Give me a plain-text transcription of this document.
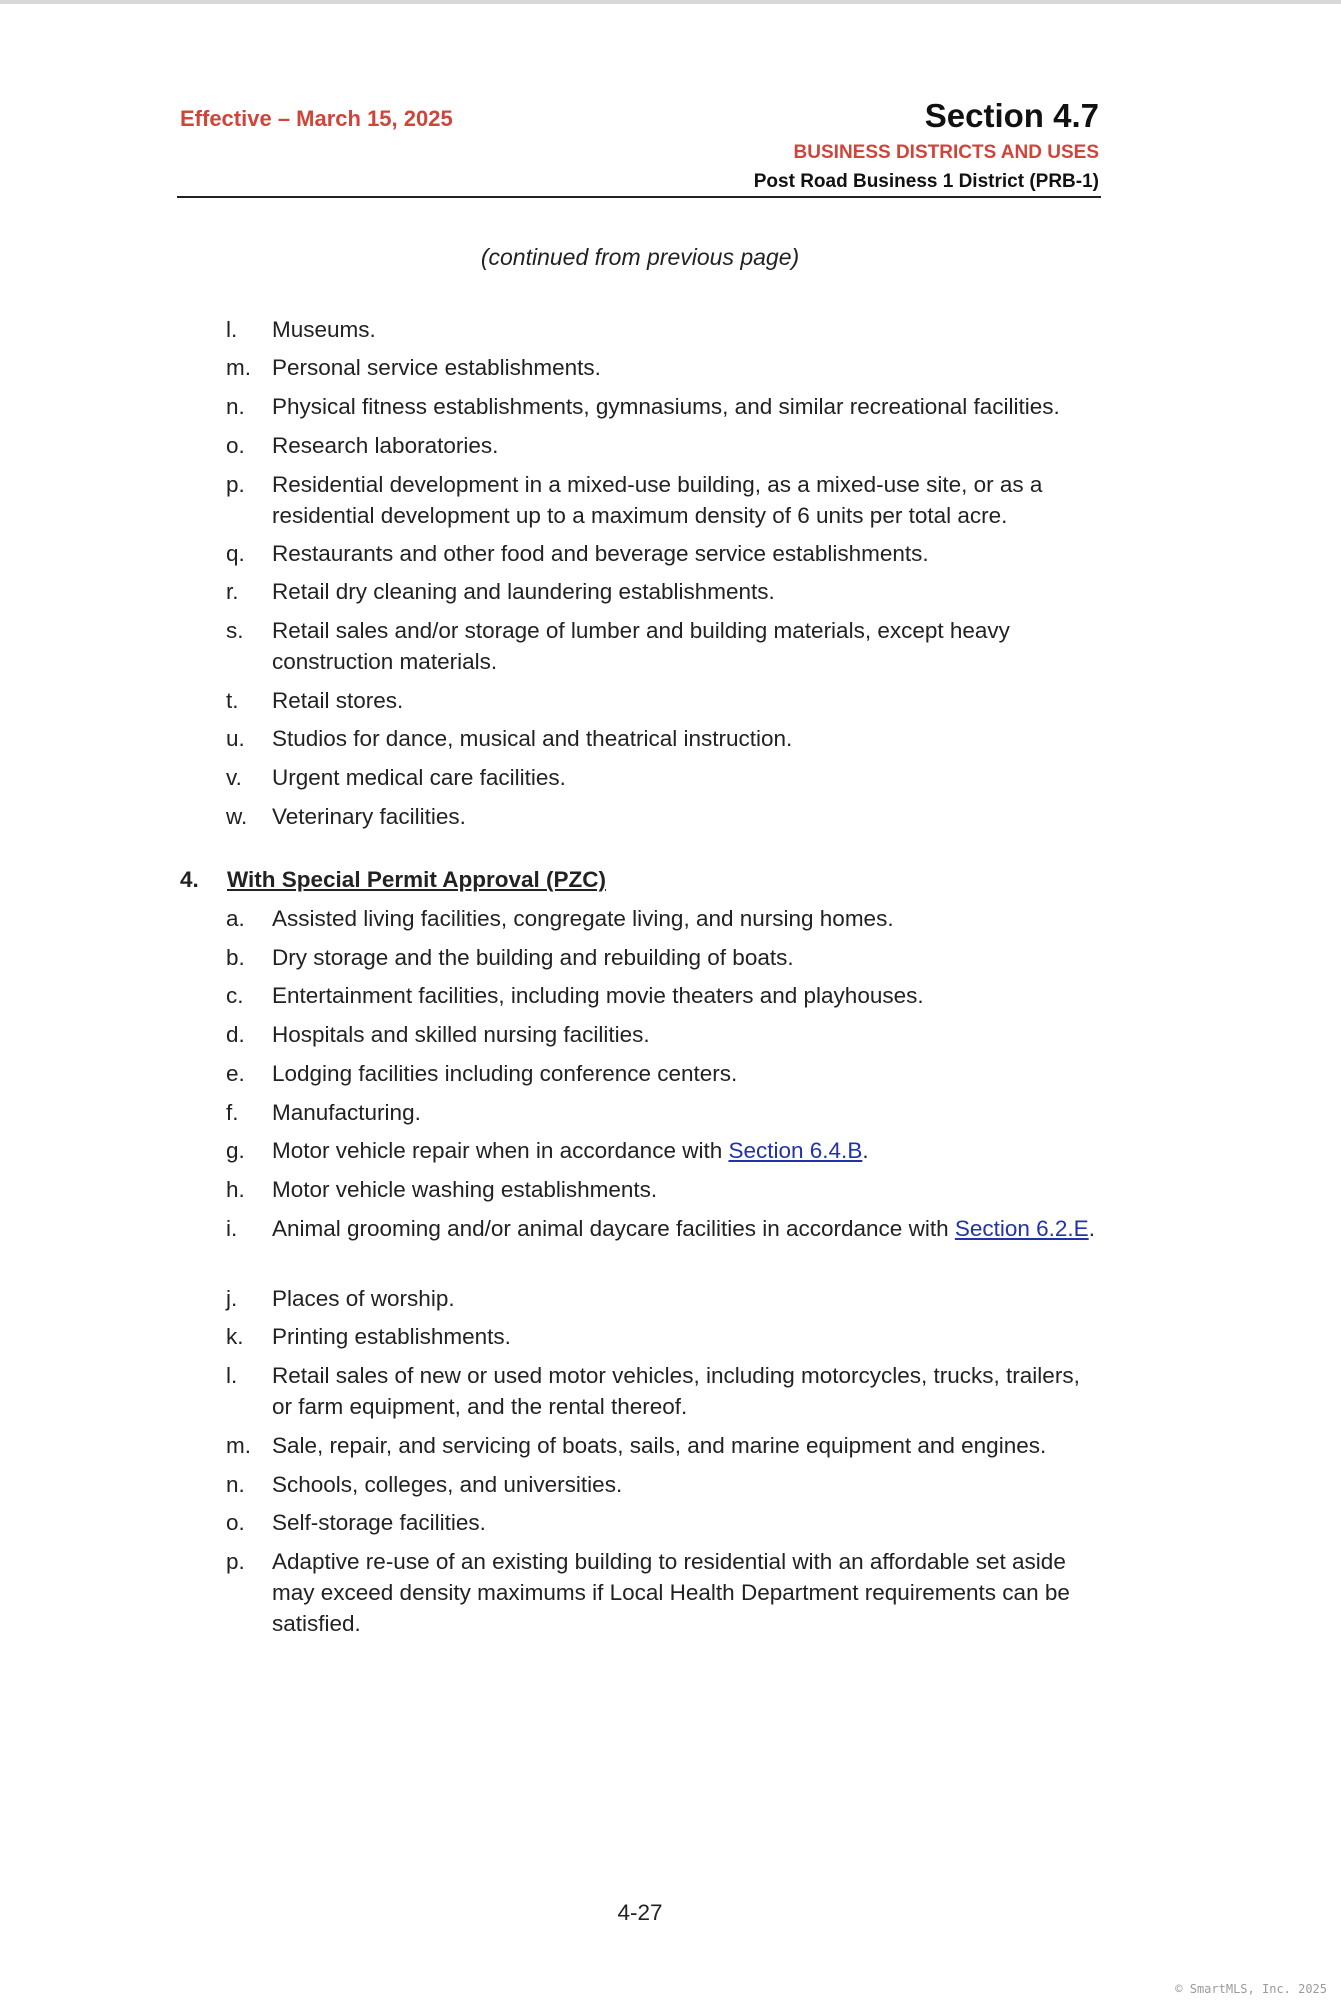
Effective – March 15, 2025	Section 4.7
BUSINESS DISTRICTS AND USES
Post Road Business 1 District (PRB-1)
(continued from previous page)
l. Museums.
m. Personal service establishments.
n. Physical fitness establishments, gymnasiums, and similar recreational facilities.
o. Research laboratories.
p. Residential development in a mixed-use building, as a mixed-use site, or as a residential development up to a maximum density of 6 units per total acre.
q. Restaurants and other food and beverage service establishments.
r. Retail dry cleaning and laundering establishments.
s. Retail sales and/or storage of lumber and building materials, except heavy construction materials.
t. Retail stores.
u. Studios for dance, musical and theatrical instruction.
v. Urgent medical care facilities.
w. Veterinary facilities.
4. With Special Permit Approval (PZC)
a. Assisted living facilities, congregate living, and nursing homes.
b. Dry storage and the building and rebuilding of boats.
c. Entertainment facilities, including movie theaters and playhouses.
d. Hospitals and skilled nursing facilities.
e. Lodging facilities including conference centers.
f. Manufacturing.
g. Motor vehicle repair when in accordance with Section 6.4.B.
h. Motor vehicle washing establishments.
i. Animal grooming and/or animal daycare facilities in accordance with Section 6.2.E.
j. Places of worship.
k. Printing establishments.
l. Retail sales of new or used motor vehicles, including motorcycles, trucks, trailers, or farm equipment, and the rental thereof.
m. Sale, repair, and servicing of boats, sails, and marine equipment and engines.
n. Schools, colleges, and universities.
o. Self-storage facilities.
p. Adaptive re-use of an existing building to residential with an affordable set aside may exceed density maximums if Local Health Department requirements can be satisfied.
4-27
© SmartMLS, Inc. 2025
